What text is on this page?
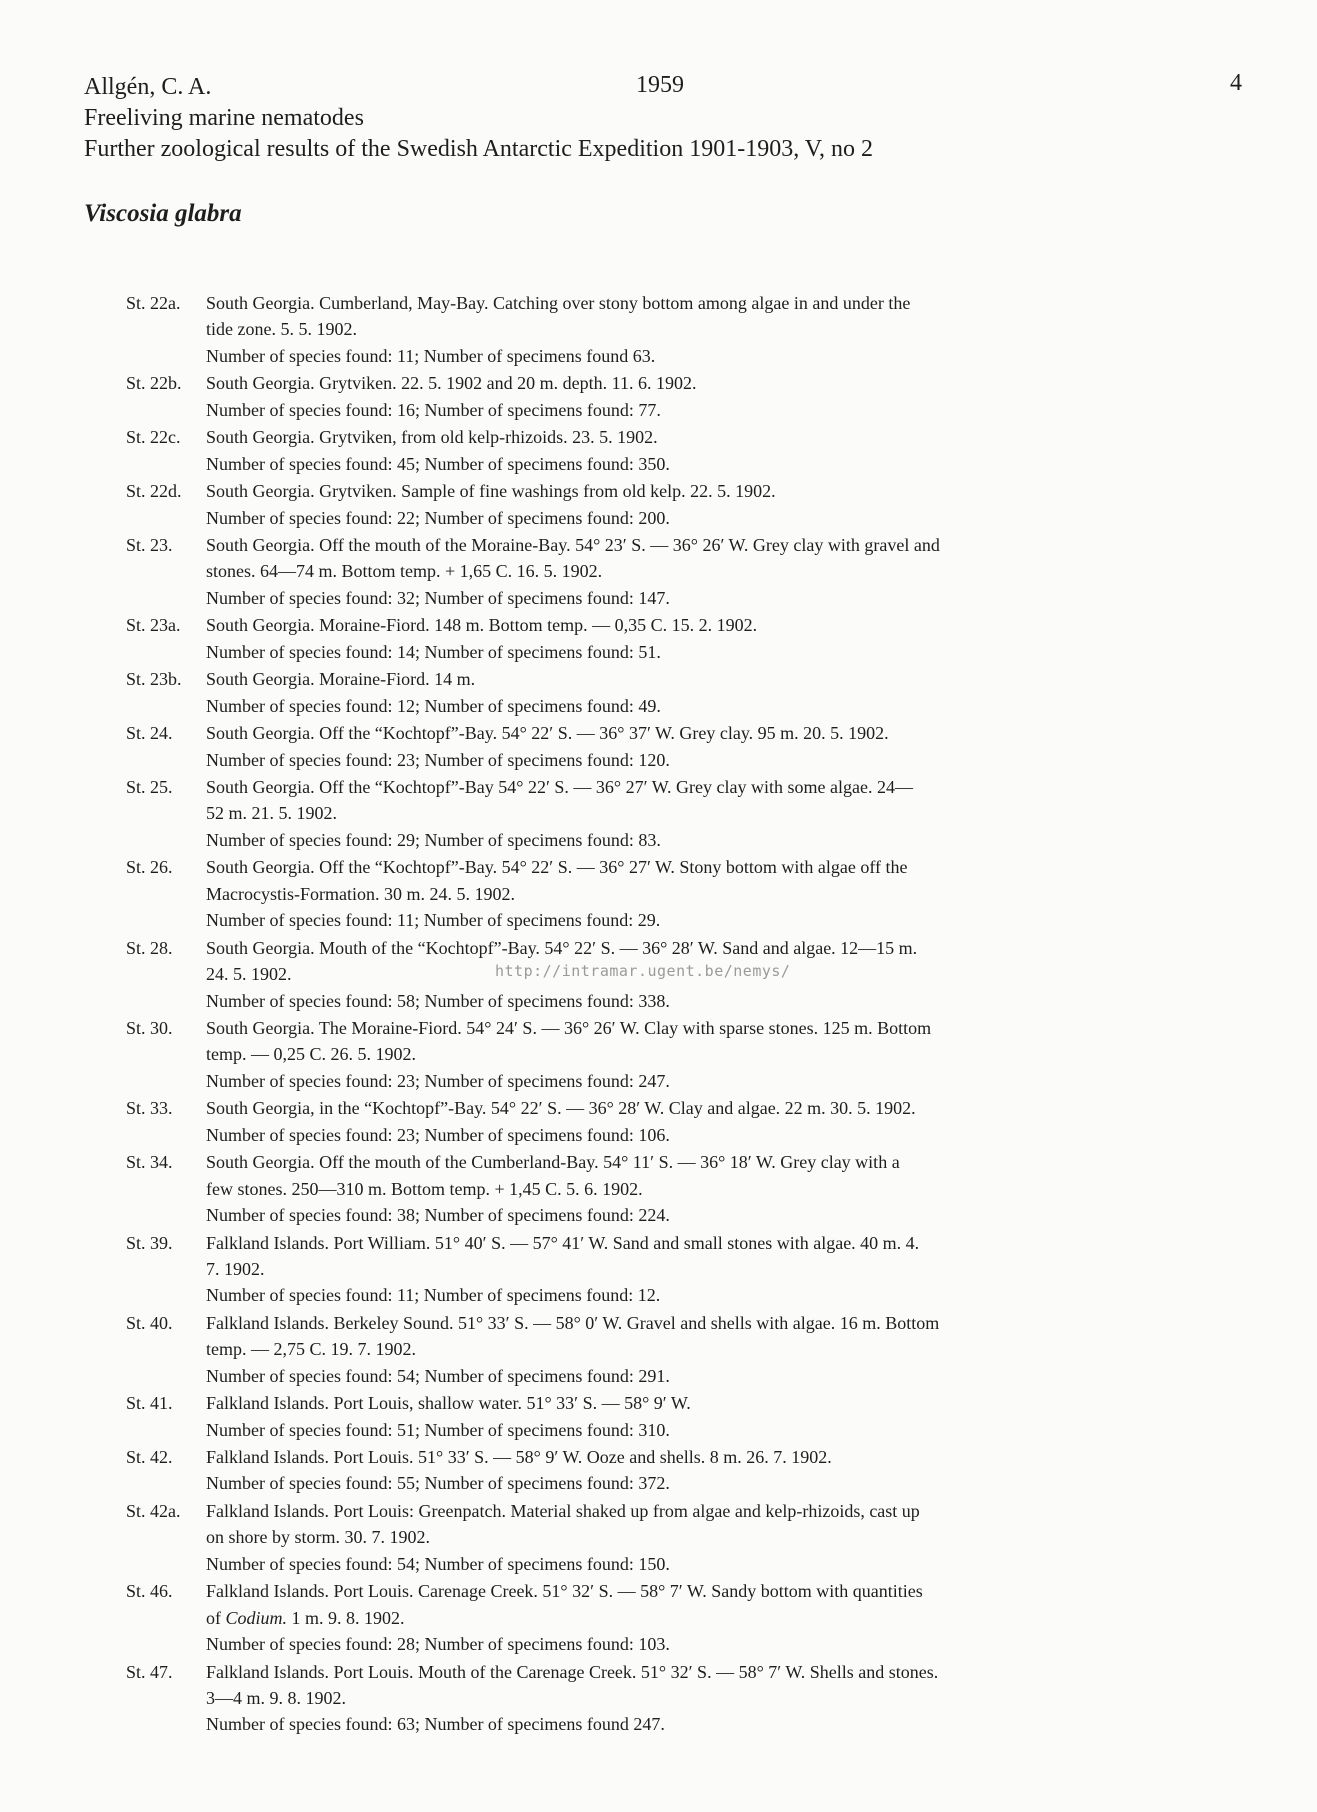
Allgén, C. A.	1959	4
Freeliving marine nematodes
Further zoological results of the Swedish Antarctic Expedition 1901-1903, V, no 2
Viscosia glabra
St. 22a.	South Georgia. Cumberland, May-Bay. Catching over stony bottom among algae in and under the
tide zone. 5. 5. 1902.
Number of species found: 11; Number of specimens found 63.
St. 22b.	South Georgia. Grytviken. 22. 5. 1902 and 20 m. depth. 11. 6. 1902.
Number of species found: 16; Number of specimens found: 77.
St. 22c.	South Georgia. Grytviken, from old kelp-rhizoids. 23. 5. 1902.
Number of species found: 45; Number of specimens found: 350.
St. 22d.	South Georgia. Grytviken. Sample of fine washings from old kelp. 22. 5. 1902.
Number of species found: 22; Number of specimens found: 200.
St. 23.	South Georgia. Off the mouth of the Moraine-Bay. 54° 23′ S. — 36° 26′ W. Grey clay with gravel and
stones. 64—74 m. Bottom temp. + 1,65 C. 16. 5. 1902.
Number of species found: 32; Number of specimens found: 147.
St. 23a.	South Georgia. Moraine-Fiord. 148 m. Bottom temp. — 0,35 C. 15. 2. 1902.
Number of species found: 14; Number of specimens found: 51.
St. 23b.	South Georgia. Moraine-Fiord. 14 m.
Number of species found: 12; Number of specimens found: 49.
St. 24.	South Georgia. Off the “Kochtopf”-Bay. 54° 22′ S. — 36° 37′ W. Grey clay. 95 m. 20. 5. 1902.
Number of species found: 23; Number of specimens found: 120.
St. 25.	South Georgia. Off the “Kochtopf”-Bay 54° 22′ S. — 36° 27′ W. Grey clay with some algae. 24—
52 m. 21. 5. 1902.
Number of species found: 29; Number of specimens found: 83.
St. 26.	South Georgia. Off the “Kochtopf”-Bay. 54° 22′ S. — 36° 27′ W. Stony bottom with algae off the
Macrocystis-Formation. 30 m. 24. 5. 1902.
Number of species found: 11; Number of specimens found: 29.
St. 28.	South Georgia. Mouth of the “Kochtopf”-Bay. 54° 22′ S. — 36° 28′ W. Sand and algae. 12—15 m.
24. 5. 1902.
Number of species found: 58; Number of specimens found: 338.
St. 30.	South Georgia. The Moraine-Fiord. 54° 24′ S. — 36° 26′ W. Clay with sparse stones. 125 m. Bottom
temp. — 0,25 C. 26. 5. 1902.
Number of species found: 23; Number of specimens found: 247.
St. 33.	South Georgia, in the “Kochtopf”-Bay. 54° 22′ S. — 36° 28′ W. Clay and algae. 22 m. 30. 5. 1902.
Number of species found: 23; Number of specimens found: 106.
St. 34.	South Georgia. Off the mouth of the Cumberland-Bay. 54° 11′ S. — 36° 18′ W. Grey clay with a
few stones. 250—310 m. Bottom temp. + 1,45 C. 5. 6. 1902.
Number of species found: 38; Number of specimens found: 224.
St. 39.	Falkland Islands. Port William. 51° 40′ S. — 57° 41′ W. Sand and small stones with algae. 40 m. 4.
7. 1902.
Number of species found: 11; Number of specimens found: 12.
St. 40.	Falkland Islands. Berkeley Sound. 51° 33′ S. — 58° 0′ W. Gravel and shells with algae. 16 m. Bottom
temp. — 2,75 C. 19. 7. 1902.
Number of species found: 54; Number of specimens found: 291.
St. 41.	Falkland Islands. Port Louis, shallow water. 51° 33′ S. — 58° 9′ W.
Number of species found: 51; Number of specimens found: 310.
St. 42.	Falkland Islands. Port Louis. 51° 33′ S. — 58° 9′ W. Ooze and shells. 8 m. 26. 7. 1902.
Number of species found: 55; Number of specimens found: 372.
St. 42a.	Falkland Islands. Port Louis: Greenpatch. Material shaked up from algae and kelp-rhizoids, cast up
on shore by storm. 30. 7. 1902.
Number of species found: 54; Number of specimens found: 150.
St. 46.	Falkland Islands. Port Louis. Carenage Creek. 51° 32′ S. — 58° 7′ W. Sandy bottom with quantities
of Codium. 1 m. 9. 8. 1902.
Number of species found: 28; Number of specimens found: 103.
St. 47.	Falkland Islands. Port Louis. Mouth of the Carenage Creek. 51° 32′ S. — 58° 7′ W. Shells and stones.
3—4 m. 9. 8. 1902.
Number of species found: 63; Number of specimens found 247.
http://intramar.ugent.be/nemys/
